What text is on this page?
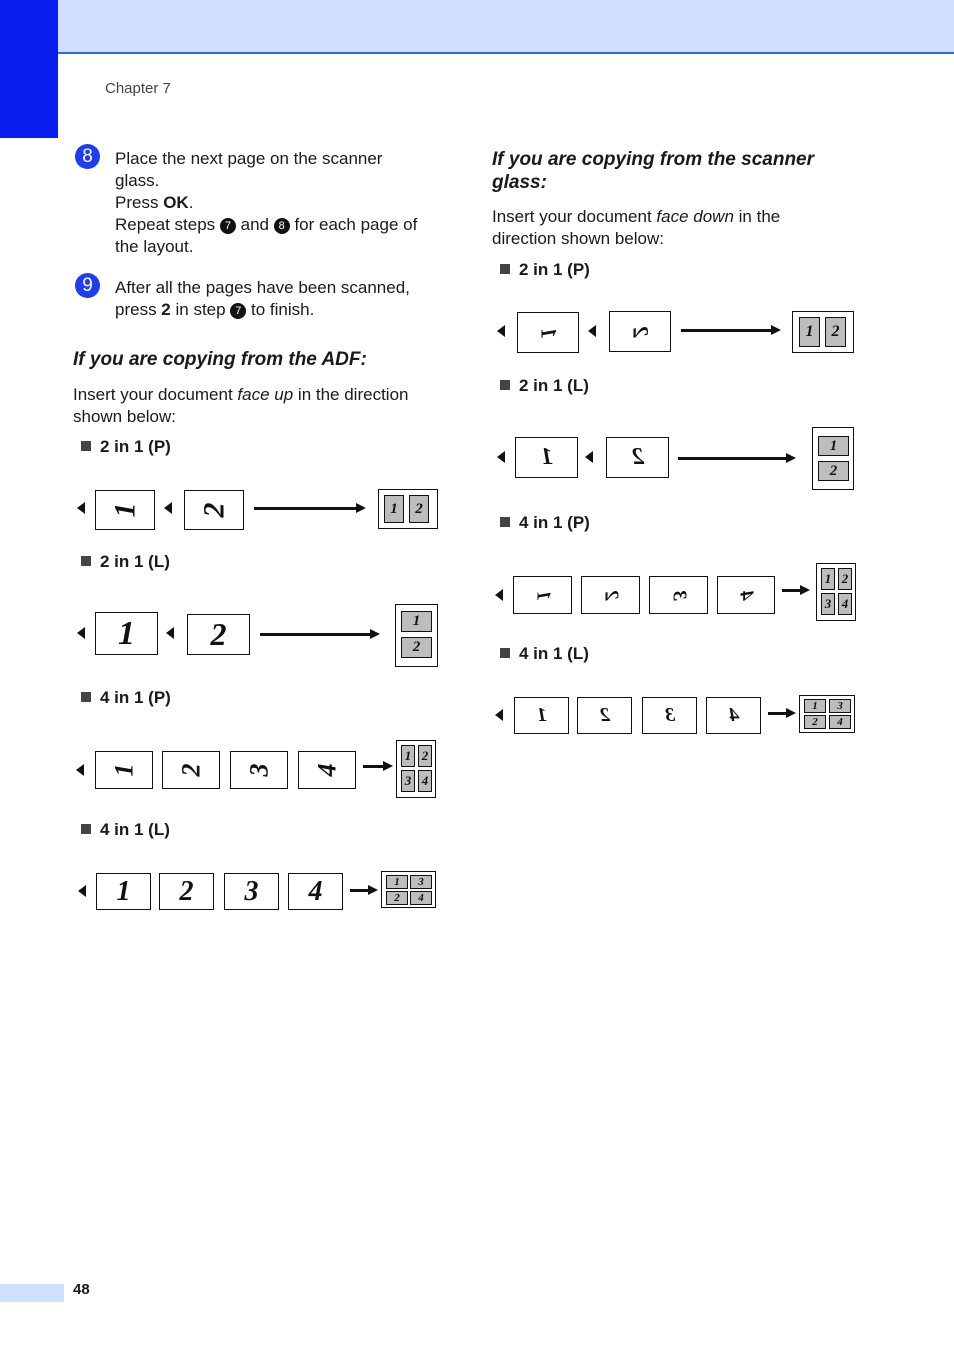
Chapter 7
8	Place the next page on the scanner
glass.
Press OK.
Repeat steps 7 and 8 for each page of
the layout.
9	After all the pages have been scanned,
press 2 in step 7 to finish.
If you are copying from the ADF:
Insert your document face up in the direction
shown below:
2 in 1 (P)
1 2	1	2
2 in 1 (L)
1	2	1
2
4 in 1 (P)
1 2 3 4
1 2
3 4
4 in 1 (L)
1	2	3	4	1	3
2	4
If you are copying from the scanner
glass:
Insert your document face down in the
direction shown below:
2 in 1 (P)
1	2	1	2
2 in 1 (L)
1	2	1
2
4 in 1 (P)
1 2 3 4
1 2
3 4
4 in 1 (L)
1	2	3	4	1	3
2	4
48
